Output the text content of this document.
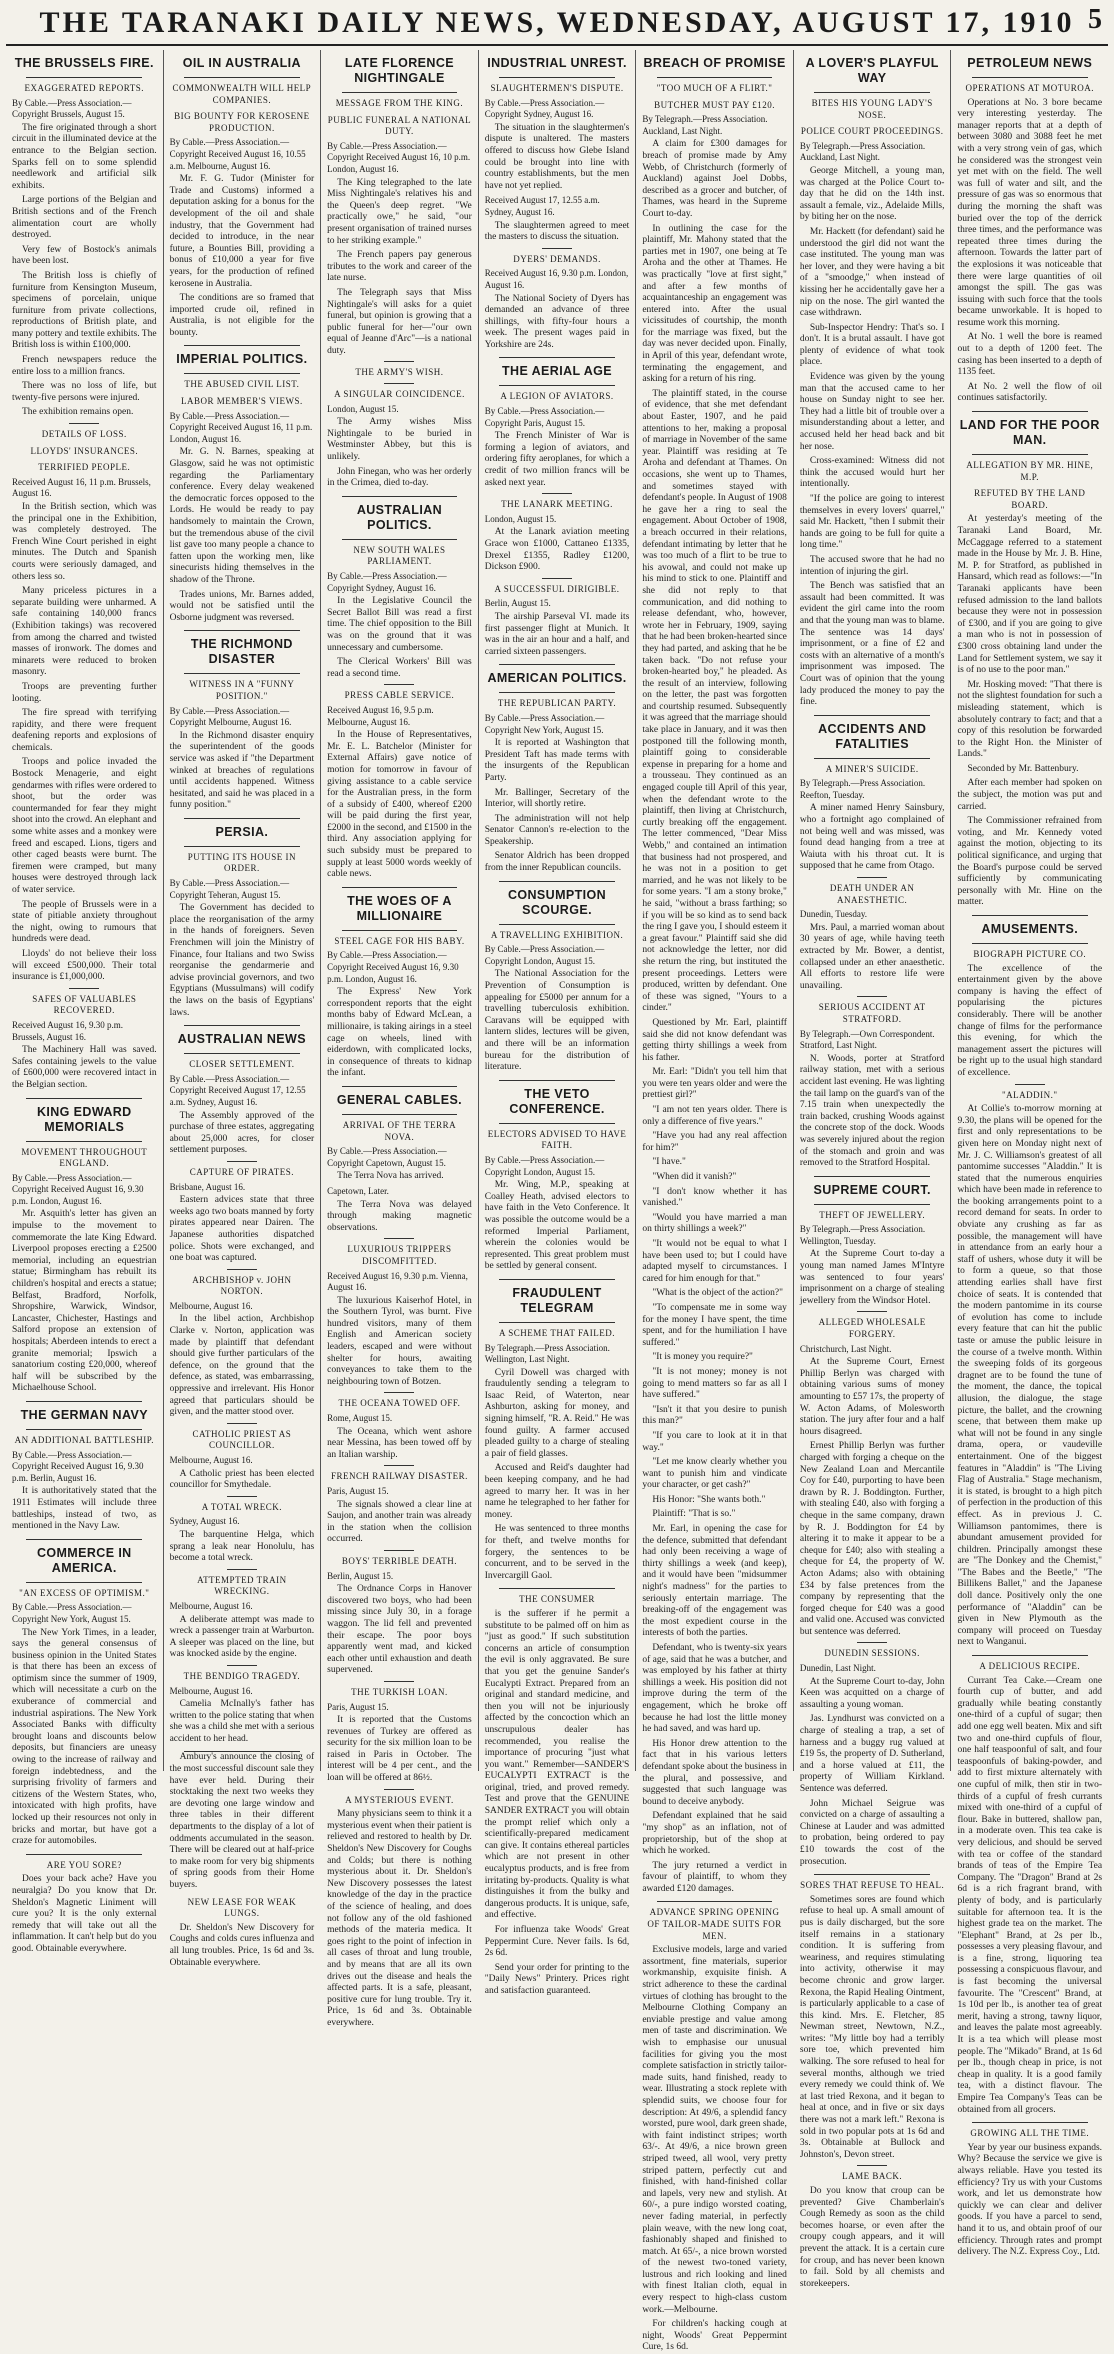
THE TARANAKI DAILY NEWS, WEDNESDAY, AUGUST 17, 1910 5
THE BRUSSELS FIRE.
EXAGGERATED REPORTS.
By Cable.—Press Association.—Copyright Brussels, August 15.

The fire originated through a short circuit in the illuminated device at the entrance to the Belgian section. Sparks fell on to some splendid needlework and artificial silk exhibits.

Large portions of the Belgian and British sections and of the French alimentation court are wholly destroyed.

Very few of Bostock's animals have been lost.

The British loss is chiefly of furniture from Kensington Museum, specimens of porcelain, unique furniture from private collections, reproductions of British plate, and many pottery and textile exhibits. The British loss is within £100,000.

French newspapers reduce the entire loss to a million francs.

There was no loss of life, but twenty-five persons were injured.

The exhibition remains open.

DETAILS OF LOSS.
LLOYDS' INSURANCES.
TERRIFIED PEOPLE.
Received August 16, 11 p.m. Brussels, August 16.

In the British section, which was the principal one in the Exhibition, was completely destroyed. The French Wine Court perished in eight minutes. The Dutch and Spanish courts were seriously damaged, and others less so.

Many priceless pictures in a separate building were unharmed. A safe containing 140,000 francs (Exhibition takings) was recovered from among the charred and twisted masses of ironwork. The domes and minarets were reduced to broken masonry.

Troops are preventing further looting.

The fire spread with terrifying rapidity, and there were frequent deafening reports and explosions of chemicals.

Troops and police invaded the Bostock Menagerie, and eight gendarmes with rifles were ordered to shoot, but the order was countermanded for fear they might shoot into the crowd. An elephant and some white asses and a monkey were freed and escaped. Lions, tigers and other caged beasts were burnt. The firemen were cramped, but many houses were destroyed through lack of water service.

The people of Brussels were in a state of pitiable anxiety throughout the night, owing to rumours that hundreds were dead.

Lloyds' do not believe their loss will exceed £500,000. Their total insurance is £1,000,000.

SAFES OF VALUABLES RECOVERED.
Received August 16, 9.30 p.m. Brussels, August 16.

The Machinery Hall was saved. Safes containing jewels to the value of £600,000 were recovered intact in the Belgian section.

KING EDWARD MEMORIALS
MOVEMENT THROUGHOUT ENGLAND.
By Cable.—Press Association.—Copyright Received August 16, 9.30 p.m. London, August 16.

Mr. Asquith's letter has given an impulse to the movement to commemorate the late King Edward. Liverpool proposes erecting a £2500 memorial, including an equestrian statue; Birmingham has rebuilt its children's hospital and erects a statue; Belfast, Bradford, Norfolk, Shropshire, Warwick, Windsor, Lancaster, Chichester, Hastings and Salford propose an extension of hospitals; Aberdeen intends to erect a granite memorial; Ipswich a sanatorium costing £20,000, whereof half will be subscribed by the Michaelhouse School.

THE GERMAN NAVY
AN ADDITIONAL BATTLESHIP.
By Cable.—Press Association.—Copyright Received August 16, 9.30 p.m. Berlin, August 16.

It is authoritatively stated that the 1911 Estimates will include three battleships, instead of two, as mentioned in the Navy Law.

COMMERCE IN AMERICA.
"AN EXCESS OF OPTIMISM."
By Cable.—Press Association.—Copyright New York, August 15.

The New York Times, in a leader, says the general consensus of business opinion in the United States is that there has been an excess of optimism since the summer of 1909, which will necessitate a curb on the exuberance of commercial and industrial aspirations. The New York Associated Banks with difficulty brought loans and discounts below deposits, but financiers are uneasy owing to the increase of railway and foreign indebtedness, and the surprising frivolity of farmers and citizens of the Western States, who, intoxicated with high profits, have locked up their resources not only in bricks and mortar, but have got a craze for automobiles.

ARE YOU SORE?

Does your back ache? Have you neuralgia? Do you know that Dr. Sheldon's Magnetic Liniment will cure you? It is the only external remedy that will take out all the inflammation. It can't help but do you good. Obtainable everywhere.

OIL IN AUSTRALIA
COMMONWEALTH WILL HELP COMPANIES.
BIG BOUNTY FOR KEROSENE PRODUCTION.
By Cable.—Press Association.—Copyright Received August 16, 10.55 a.m. Melbourne, August 16.

Mr. F. G. Tudor (Minister for Trade and Customs) informed a deputation asking for a bonus for the development of the oil and shale industry, that the Government had decided to introduce, in the near future, a Bounties Bill, providing a bonus of £10,000 a year for five years, for the production of refined kerosene in Australia.

The conditions are so framed that imported crude oil, refined in Australia, is not eligible for the bounty.

IMPERIAL POLITICS.
THE ABUSED CIVIL LIST.
LABOR MEMBER'S VIEWS.
By Cable.—Press Association.—Copyright Received August 16, 11 p.m. London, August 16.

Mr. G. N. Barnes, speaking at Glasgow, said he was not optimistic regarding the Parliamentary conference. Every delay weakened the democratic forces opposed to the Lords. He would be ready to pay handsomely to maintain the Crown, but the tremendous abuse of the civil list gave too many people a chance to fatten upon the working men, like sinecurists hiding themselves in the shadow of the Throne.

Trades unions, Mr. Barnes added, would not be satisfied until the Osborne judgment was reversed.

THE RICHMOND DISASTER
WITNESS IN A "FUNNY POSITION."
By Cable.—Press Association.—Copyright Melbourne, August 16.

In the Richmond disaster enquiry the superintendent of the goods service was asked if "the Department winked at breaches of regulations until accidents happened. Witness hesitated, and said he was placed in a funny position."

PERSIA.
PUTTING ITS HOUSE IN ORDER.
By Cable.—Press Association.—Copyright Teheran, August 15.

The Government has decided to place the reorganisation of the army in the hands of foreigners. Seven Frenchmen will join the Ministry of Finance, four Italians and two Swiss reorganise the gendarmerie and advise provincial governors, and two Egyptians (Mussulmans) will codify the laws on the basis of Egyptians' laws.

AUSTRALIAN NEWS
CLOSER SETTLEMENT.
By Cable.—Press Association.—Copyright Received August 17, 12.55 a.m. Sydney, August 16.

The Assembly approved of the purchase of three estates, aggregating about 25,000 acres, for closer settlement purposes.

CAPTURE OF PIRATES.
Brisbane, August 16.

Eastern advices state that three weeks ago two boats manned by forty pirates appeared near Dairen. The Japanese authorities dispatched police. Shots were exchanged, and one boat was captured.

ARCHBISHOP v. JOHN NORTON.
Melbourne, August 16.

In the libel action, Archbishop Clarke v. Norton, application was made by plaintiff that defendant should give further particulars of the defence, on the ground that the defence, as stated, was embarrassing, oppressive and irrelevant. His Honor agreed that particulars should be given, and the matter stood over.

CATHOLIC PRIEST AS COUNCILLOR.
Melbourne, August 16.

A Catholic priest has been elected councillor for Smythedale.

A TOTAL WRECK.
Sydney, August 16.

The barquentine Helga, which sprang a leak near Honolulu, has become a total wreck.

ATTEMPTED TRAIN WRECKING.
Melbourne, August 16.

A deliberate attempt was made to wreck a passenger train at Warburton. A sleeper was placed on the line, but was knocked aside by the engine.

THE BENDIGO TRAGEDY.
Melbourne, August 16.

Camelia McInally's father has written to the police stating that when she was a child she met with a serious accident to her head.

Ambury's announce the closing of the most successful discount sale they have ever held. During their stocktaking the next two weeks they are devoting one large window and three tables in their different departments to the display of a lot of oddments accumulated in the season. There will be cleared out at half-price to make room for very big shipments of spring goods from their Home buyers.

NEW LEASE FOR WEAK LUNGS.

Dr. Sheldon's New Discovery for Coughs and colds cures influenza and all lung troubles. Price, 1s 6d and 3s. Obtainable everywhere.

LATE FLORENCE NIGHTINGALE
MESSAGE FROM THE KING.
PUBLIC FUNERAL A NATIONAL DUTY.
By Cable.—Press Association.—Copyright Received August 16, 10 p.m. London, August 16.

The King telegraphed to the late Miss Nightingale's relatives his and the Queen's deep regret. "We practically owe," he said, "our present organisation of trained nurses to her striking example."

The French papers pay generous tributes to the work and career of the late nurse.

The Telegraph says that Miss Nightingale's will asks for a quiet funeral, but opinion is growing that a public funeral for her—"our own equal of Jeanne d'Arc"—is a national duty.

THE ARMY'S WISH.
A SINGULAR COINCIDENCE.
London, August 15.

The Army wishes Miss Nightingale to be buried in Westminster Abbey, but this is unlikely.

John Finegan, who was her orderly in the Crimea, died to-day.

AUSTRALIAN POLITICS.
NEW SOUTH WALES PARLIAMENT.
By Cable.—Press Association.—Copyright Sydney, August 16.

In the Legislative Council the Secret Ballot Bill was read a first time. The chief opposition to the Bill was on the ground that it was unnecessary and cumbersome.

The Clerical Workers' Bill was read a second time.

PRESS CABLE SERVICE.
Received August 16, 9.5 p.m. Melbourne, August 16.

In the House of Representatives, Mr. E. L. Batchelor (Minister for External Affairs) gave notice of motion for tomorrow in favour of giving assistance to a cable service for the Australian press, in the form of a subsidy of £400, whereof £200 will be paid during the first year, £2000 in the second, and £1500 in the third. Any association applying for such subsidy must be prepared to supply at least 5000 words weekly of cable news.

THE WOES OF A MILLIONAIRE
STEEL CAGE FOR HIS BABY.
By Cable.—Press Association.—Copyright Received August 16, 9.30 p.m. London, August 16.

The Express' New York correspondent reports that the eight months baby of Edward McLean, a millionaire, is taking airings in a steel cage on wheels, lined with eiderdown, with complicated locks, in consequence of threats to kidnap the infant.

GENERAL CABLES.
ARRIVAL OF THE TERRA NOVA.
By Cable.—Press Association.—Copyright Capetown, August 15.

The Terra Nova has arrived.

Capetown, Later.

The Terra Nova was delayed through making magnetic observations.

LUXURIOUS TRIPPERS DISCOMFITTED.
Received August 16, 9.30 p.m. Vienna, August 16.

The luxurious Kaiserhof Hotel, in the Southern Tyrol, was burnt. Five hundred visitors, many of them English and American society leaders, escaped and were without shelter for hours, awaiting conveyances to take them to the neighbouring town of Botzen.

THE OCEANA TOWED OFF.
Rome, August 15.

The Oceana, which went ashore near Messina, has been towed off by an Italian warship.

FRENCH RAILWAY DISASTER.
Paris, August 15.

The signals showed a clear line at Saujon, and another train was already in the station when the collision occurred.

BOYS' TERRIBLE DEATH.
Berlin, August 15.

The Ordnance Corps in Hanover discovered two boys, who had been missing since July 30, in a forage waggon. The lid fell and prevented their escape. The poor boys apparently went mad, and kicked each other until exhaustion and death supervened.

THE TURKISH LOAN.
Paris, August 15.

It is reported that the Customs revenues of Turkey are offered as security for the six million loan to be raised in Paris in October. The interest will be 4 per cent., and the loan will be offered at 86½.

A MYSTERIOUS EVENT.

Many physicians seem to think it a mysterious event when their patient is relieved and restored to health by Dr. Sheldon's New Discovery for Coughs and Colds; but there is nothing mysterious about it. Dr. Sheldon's New Discovery possesses the latest knowledge of the day in the practice of the science of healing, and does not follow any of the old fashioned methods of the materia medica. It goes right to the point of infection in all cases of throat and lung trouble, and by means that are all its own drives out the disease and heals the affected parts. It is a safe, pleasant, positive cure for lung trouble. Try it. Price, 1s 6d and 3s. Obtainable everywhere.

INDUSTRIAL UNREST.
SLAUGHTERMEN'S DISPUTE.
By Cable.—Press Association.—Copyright Sydney, August 16.

The situation in the slaughtermen's dispute is unaltered. The masters offered to discuss how Glebe Island could be brought into line with country establishments, but the men have not yet replied.

Received August 17, 12.55 a.m. Sydney, August 16.

The slaughtermen agreed to meet the masters to discuss the situation.

DYERS' DEMANDS.
Received August 16, 9.30 p.m. London, August 16.

The National Society of Dyers has demanded an advance of three shillings, with fifty-four hours a week. The present wages paid in Yorkshire are 24s.

THE AERIAL AGE
A LEGION OF AVIATORS.
By Cable.—Press Association.—Copyright Paris, August 15.

The French Minister of War is forming a legion of aviators, and ordering fifty aeroplanes, for which a credit of two million francs will be asked next year.

THE LANARK MEETING.
London, August 15.

At the Lanark aviation meeting Grace won £1000, Cattaneo £1335, Drexel £1355, Radley £1200, Dickson £900.

A SUCCESSFUL DIRIGIBLE.
Berlin, August 15.

The airship Parseval VI. made its first passenger flight at Munich. It was in the air an hour and a half, and carried sixteen passengers.

AMERICAN POLITICS.
THE REPUBLICAN PARTY.
By Cable.—Press Association.—Copyright New York, August 15.

It is reported at Washington that President Taft has made terms with the insurgents of the Republican Party.

Mr. Ballinger, Secretary of the Interior, will shortly retire.

The administration will not help Senator Cannon's re-election to the Speakership.

Senator Aldrich has been dropped from the inner Republican councils.

CONSUMPTION SCOURGE.
A TRAVELLING EXHIBITION.
By Cable.—Press Association.—Copyright London, August 15.

The National Association for the Prevention of Consumption is appealing for £5000 per annum for a travelling tuberculosis exhibition. Caravans will be equipped with lantern slides, lectures will be given, and there will be an information bureau for the distribution of literature.

THE VETO CONFERENCE.
ELECTORS ADVISED TO HAVE FAITH.
By Cable.—Press Association.—Copyright London, August 15.

Mr. Wing, M.P., speaking at Coalley Heath, advised electors to have faith in the Veto Conference. It was possible the outcome would be a reformed Imperial Parliament, wherein the colonies would be represented. This great problem must be settled by general consent.

FRAUDULENT TELEGRAM
A SCHEME THAT FAILED.
By Telegraph.—Press Association. Wellington, Last Night.

Cyril Dowell was charged with fraudulently sending a telegram to Isaac Reid, of Waterton, near Ashburton, asking for money, and signing himself, "R. A. Reid." He was found guilty. A farmer accused pleaded guilty to a charge of stealing a pair of field glasses.

Accused and Reid's daughter had been keeping company, and he had agreed to marry her. It was in her name he telegraphed to her father for money.

He was sentenced to three months for theft, and twelve months for forgery, the sentences to be concurrent, and to be served in the Invercargill Gaol.

THE CONSUMER

is the sufferer if he permit a substitute to be palmed off on him as "just as good." If such substitution concerns an article of consumption the evil is only aggravated. Be sure that you get the genuine Sander's Eucalypti Extract. Prepared from an original and standard medicine, and then you will not be injuriously affected by the concoction which an unscrupulous dealer has recommended, you realise the importance of procuring "just what you want." Remember—SANDER'S EUCALYPTI EXTRACT is the original, tried, and proved remedy. Test and prove that the GENUINE SANDER EXTRACT you will obtain the prompt relief which only a scientifically-prepared medicament can give. It contains ethereal particles which are not present in other eucalyptus products, and is free from irritating by-products. Quality is what distinguishes it from the bulky and dangerous products. It is unique, safe, and effective.

For influenza take Woods' Great Peppermint Cure. Never fails. Is 6d, 2s 6d.

Send your order for printing to the "Daily News" Printery. Prices right and satisfaction guaranteed.

BREACH OF PROMISE
"TOO MUCH OF A FLIRT."
BUTCHER MUST PAY £120.
By Telegraph.—Press Association. Auckland, Last Night.

A claim for £300 damages for breach of promise made by Amy Webb, of Christchurch (formerly of Auckland) against Joel Dobbs, described as a grocer and butcher, of Thames, was heard in the Supreme Court to-day.

In outlining the case for the plaintiff, Mr. Mahony stated that the parties met in 1907, one being at Te Aroha and the other at Thames. He was practically "love at first sight," and after a few months of acquaintanceship an engagement was entered into. After the usual vicissitudes of courtship, the month for the marriage was fixed, but the day was never decided upon. Finally, in April of this year, defendant wrote, terminating the engagement, and asking for a return of his ring.

The plaintiff stated, in the course of evidence, that she met defendant about Easter, 1907, and he paid attentions to her, making a proposal of marriage in November of the same year. Plaintiff was residing at Te Aroha and defendant at Thames. On occasions, she went up to Thames, and sometimes stayed with defendant's people. In August of 1908 he gave her a ring to seal the engagement. About October of 1908, a breach occurred in their relations, defendant intimating by letter that he was too much of a flirt to be true to his avowal, and could not make up his mind to stick to one. Plaintiff and she did not reply to that communication, and did nothing to release defendant, who, however, wrote her in February, 1909, saying that he had been broken-hearted since they had parted, and asking that he be taken back. "Do not refuse your broken-hearted boy," he pleaded. As the result of an interview, following on the letter, the past was forgotten and courtship resumed. Subsequently it was agreed that the marriage should take place in January, and it was then postponed till the following month, plaintiff going to considerable expense in preparing for a home and a trousseau. They continued as an engaged couple till April of this year, when the defendant wrote to the plaintiff, then living at Christchurch, curtly breaking off the engagement. The letter commenced, "Dear Miss Webb," and contained an intimation that business had not prospered, and he was not in a position to get married, and he was not likely to be for some years. "I am a stony broke," he said, "without a brass farthing; so if you will be so kind as to send back the ring I gave you, I should esteem it a great favour." Plaintiff said she did not acknowledge the letter, nor did she return the ring, but instituted the present proceedings. Letters were produced, written by defendant. One of these was signed, "Yours to a cinder."

Questioned by Mr. Earl, plaintiff said she did not know defendant was getting thirty shillings a week from his father.

Mr. Earl: "Didn't you tell him that you were ten years older and were the prettiest girl?"

"I am not ten years older. There is only a difference of five years."

"Have you had any real affection for him?"

"I have."

"When did it vanish?"

"I don't know whether it has vanished."

"Would you have married a man on thirty shillings a week?"

"It would not be equal to what I have been used to; but I could have adapted myself to circumstances. I cared for him enough for that."

"What is the object of the action?"

"To compensate me in some way for the money I have spent, the time spent, and for the humiliation I have suffered."

"It is money you require?"

"It is not money; money is not going to mend matters so far as all I have suffered."

"Isn't it that you desire to punish this man?"

"If you care to look at it in that way."

"Let me know clearly whether you want to punish him and vindicate your character, or get cash?"

His Honor: "She wants both."

Plaintiff: "That is so."

Mr. Earl, in opening the case for the defence, submitted that defendant had only been receiving a wage of thirty shillings a week (and keep), and it would have been "midsummer night's madness" for the parties to seriously entertain marriage. The breaking-off of the engagement was the most expedient course in the interests of both the parties.

Defendant, who is twenty-six years of age, said that he was a butcher, and was employed by his father at thirty shillings a week. His position did not improve during the term of the engagement, which he broke off because he had lost the little money he had saved, and was hard up.

His Honor drew attention to the fact that in his various letters defendant spoke about the business in the plural, and possessive, and suggested that such language was bound to deceive anybody.

Defendant explained that he said "my shop" as an inflation, not of proprietorship, but of the shop at which he worked.

The jury returned a verdict in favour of plaintiff, to whom they awarded £120 damages.

ADVANCE SPRING OPENING OF TAILOR-MADE SUITS FOR MEN.

Exclusive models, large and varied assortment, fine materials, superior workmanship, exquisite finish. A strict adherence to these the cardinal virtues of clothing has brought to the Melbourne Clothing Company an enviable prestige and value among men of taste and discrimination. We wish to emphasise our unusual facilities for giving you the most complete satisfaction in strictly tailor-made suits, hand finished, ready to wear. Illustrating a stock replete with splendid suits, we choose four for description: At 49/6, a splendid fancy worsted, pure wool, dark green shade, with faint indistinct stripes; worth 63/-. At 49/6, a nice brown green striped tweed, all wool, very pretty striped pattern, perfectly cut and finished, with hand-finished collar and lapels, very new and stylish. At 60/-, a pure indigo worsted coating, never fading material, in perfectly plain weave, with the new long coat, fashionably shaped and finished to match. At 65/-, a nice brown worsted of the newest two-toned variety, lustrous and rich looking and lined with finest Italian cloth, equal in every respect to high-class custom work.—Melbourne.

For children's hacking cough at night, Woods' Great Peppermint Cure, 1s 6d.

A LOVER'S PLAYFUL WAY
BITES HIS YOUNG LADY'S NOSE.
POLICE COURT PROCEEDINGS.
By Telegraph.—Press Association. Auckland, Last Night.

George Mitchell, a young man, was charged at the Police Court to-day that he did on the 14th inst. assault a female, viz., Adelaide Mills, by biting her on the nose.

Mr. Hackett (for defendant) said he understood the girl did not want the case instituted. The young man was her lover, and they were having a bit of a "smoodge," when instead of kissing her he accidentally gave her a nip on the nose. The girl wanted the case withdrawn.

Sub-Inspector Hendry: That's so. I don't. It is a brutal assault. I have got plenty of evidence of what took place.

Evidence was given by the young man that the accused came to her house on Sunday night to see her. They had a little bit of trouble over a misunderstanding about a letter, and accused held her head back and bit her nose.

Cross-examined: Witness did not think the accused would hurt her intentionally.

"If the police are going to interest themselves in every lovers' quarrel," said Mr. Hackett, "then I submit their hands are going to be full for quite a long time."

The accused swore that he had no intention of injuring the girl.

The Bench was satisfied that an assault had been committed. It was evident the girl came into the room and that the young man was to blame. The sentence was 14 days' imprisonment, or a fine of £2 and costs with an alternative of a month's imprisonment was imposed. The Court was of opinion that the young lady produced the money to pay the fine.

ACCIDENTS AND FATALITIES
A MINER'S SUICIDE.
By Telegraph.—Press Association. Reefton, Tuesday.

A miner named Henry Sainsbury, who a fortnight ago complained of not being well and was missed, was found dead hanging from a tree at Waiuta with his throat cut. It is supposed that he came from Otago.

DEATH UNDER AN ANAESTHETIC.
Dunedin, Tuesday.

Mrs. Paul, a married woman about 30 years of age, while having teeth extracted by Mr. Bower, a dentist, collapsed under an ether anaesthetic. All efforts to restore life were unavailing.

SERIOUS ACCIDENT AT STRATFORD.
By Telegraph.—Own Correspondent. Stratford, Last Night.

N. Woods, porter at Stratford railway station, met with a serious accident last evening. He was lighting the tail lamp on the guard's van of the 7.15 train when unexpectedly the train backed, crushing Woods against the concrete stop of the dock. Woods was severely injured about the region of the stomach and groin and was removed to the Stratford Hospital.

SUPREME COURT.
THEFT OF JEWELLERY.
By Telegraph.—Press Association. Wellington, Tuesday.

At the Supreme Court to-day a young man named James M'Intyre was sentenced to four years' imprisonment on a charge of stealing jewellery from the Windsor Hotel.

ALLEGED WHOLESALE FORGERY.
Christchurch, Last Night.

At the Supreme Court, Ernest Phillip Berlyn was charged with obtaining various sums of money amounting to £57 17s, the property of W. Acton Adams, of Molesworth station. The jury after four and a half hours disagreed.

Ernest Phillip Berlyn was further charged with forging a cheque on the New Zealand Loan and Mercantile Coy for £40, purporting to have been drawn by R. J. Boddington. Further, with stealing £40, also with forging a cheque in the same company, drawn by R. J. Boddington for £4 by altering it to make it appear to be a cheque for £40; also with stealing a cheque for £4, the property of W. Acton Adams; also with obtaining £34 by false pretences from the company by representing that the forged cheque for £40 was a good and valid one. Accused was convicted but sentence was deferred.

DUNEDIN SESSIONS.
Dunedin, Last Night.

At the Supreme Court to-day, John Keen was acquitted on a charge of assaulting a young woman.

Jas. Lyndhurst was convicted on a charge of stealing a trap, a set of harness and a buggy rug valued at £19 5s, the property of D. Sutherland, and a horse valued at £11, the property of William Kirkland. Sentence was deferred.

John Michael Seigrue was convicted on a charge of assaulting a Chinese at Lauder and was admitted to probation, being ordered to pay £10 towards the cost of the prosecution.

SORES THAT REFUSE TO HEAL.

Sometimes sores are found which refuse to heal up. A small amount of pus is daily discharged, but the sore itself remains in a stationary condition. It is suffering from weariness, and requires stimulating into activity, otherwise it may become chronic and grow larger. Rexona, the Rapid Healing Ointment, is particularly applicable to a case of this kind. Mrs. E. Fletcher, 85 Newman street, Newtown, N.Z., writes: "My little boy had a terribly sore toe, which prevented him walking. The sore refused to heal for several months, although we tried every remedy we could think of. We at last tried Rexona, and it began to heal at once, and in five or six days there was not a mark left." Rexona is sold in two popular pots at 1s 6d and 3s. Obtainable at Bullock and Johnston's, Devon street.

LAME BACK.

Do you know that croup can be prevented? Give Chamberlain's Cough Remedy as soon as the child becomes hoarse, or even after the croupy cough appears, and it will prevent the attack. It is a certain cure for croup, and has never been known to fail. Sold by all chemists and storekeepers.

PETROLEUM NEWS
OPERATIONS AT MOTUROA.

Operations at No. 3 bore became very interesting yesterday. The manager reports that at a depth of between 3080 and 3088 feet he met with a very strong vein of gas, which he considered was the strongest vein yet met with on the field. The well was full of water and silt, and the pressure of gas was so enormous that during the morning the shaft was buried over the top of the derrick three times, and the performance was repeated three times during the afternoon. Towards the latter part of the explosions it was noticeable that there were large quantities of oil amongst the spill. The gas was issuing with such force that the tools became unworkable. It is hoped to resume work this morning.

At No. 1 well the bore is reamed out to a depth of 1200 feet. The casing has been inserted to a depth of 1135 feet.

At No. 2 well the flow of oil continues satisfactorily.

LAND FOR THE POOR MAN.
ALLEGATION BY MR. HINE, M.P.
REFUTED BY THE LAND BOARD.

At yesterday's meeting of the Taranaki Land Board, Mr. McCaggage referred to a statement made in the House by Mr. J. B. Hine, M. P. for Stratford, as published in Hansard, which read as follows:—"In Taranaki applicants have been refused admission to the land ballots because they were not in possession of £300, and if you are going to give a man who is not in possession of £300 cross obtaining land under the Land for Settlement system, we say it is of no use to the poor man."

Mr. Hosking moved: "That there is not the slightest foundation for such a misleading statement, which is absolutely contrary to fact; and that a copy of this resolution be forwarded to the Right Hon. the Minister of Lands."

Seconded by Mr. Battenbury.

After each member had spoken on the subject, the motion was put and carried.

The Commissioner refrained from voting, and Mr. Kennedy voted against the motion, objecting to its political significance, and urging that the Board's purpose could be served sufficiently by communicating personally with Mr. Hine on the matter.

AMUSEMENTS.
BIOGRAPH PICTURE CO.

The excellence of the entertainment given by the above company is having the effect of popularising the pictures considerably. There will be another change of films for the performance this evening, for which the management assert the pictures will be right up to the usual high standard of excellence.

"ALADDIN."

At Collie's to-morrow morning at 9.30, the plans will be opened for the first and only representations to be given here on Monday night next of Mr. J. C. Williamson's greatest of all pantomime successes "Aladdin." It is stated that the numerous enquiries which have been made in reference to the booking arrangements point to a record demand for seats. In order to obviate any crushing as far as possible, the management will have in attendance from an early hour a staff of ushers, whose duty it will be to form a queue, so that those attending earlies shall have first choice of seats. It is contended that the modern pantomime in its course of evolution has come to include every feature that can hit the public taste or amuse the public leisure in the course of a twelve month. Within the sweeping folds of its gorgeous dragnet are to be found the tune of the moment, the dance, the topical allusion, the dialogue, the stage picture, the ballet, and the crowning scene, that between them make up what will not be found in any single drama, opera, or vaudeville entertainment. One of the biggest features in "Aladdin" is "The Living Flag of Australia." Stage mechanism, it is stated, is brought to a high pitch of perfection in the production of this effect. As in previous J. C. Williamson pantomimes, there is abundant amusement provided for children. Principally amongst these are "The Donkey and the Chemist," "The Babes and the Beetle," "The Billikens Ballet," and the Japanese doll dance. Positively only the one performance of "Aladdin" can be given in New Plymouth as the company will proceed on Tuesday next to Wanganui.

A DELICIOUS RECIPE.

Currant Tea Cake.—Cream one fourth cup of butter, and add gradually while beating constantly one-third of a cupful of sugar; then add one egg well beaten. Mix and sift two and one-third cupfuls of flour, one half teaspoonful of salt, and four teaspoonfuls of baking-powder, and add to first mixture alternately with one cupful of milk, then stir in two-thirds of a cupful of fresh currants mixed with one-third of a cupful of flour. Bake in buttered, shallow pan, in a moderate oven. This tea cake is very delicious, and should be served with tea or coffee of the standard brands of teas of the Empire Tea Company. The "Dragon" Brand at 2s 6d is a rich fragrant brand, with plenty of body, and is particularly suitable for afternoon tea. It is the highest grade tea on the market. The "Elephant" Brand, at 2s per lb., possesses a very pleasing flavour, and is a fine, strong, liquoring tea possessing a conspicuous flavour, and is fast becoming the universal favourite. The "Crescent" Brand, at 1s 10d per lb., is another tea of great merit, having a strong, tawny liquor, and leaves the palate most agreeably. It is a tea which will please most people. The "Mikado" Brand, at 1s 6d per lb., though cheap in price, is not cheap in quality. It is a good family tea, with a distinct flavour. The Empire Tea Company's Teas can be obtained from all grocers.

GROWING ALL THE TIME.

Year by year our business expands. Why? Because the service we give is always reliable. Have you tested its efficiency? Try us with your Customs work, and let us demonstrate how quickly we can clear and deliver goods. If you have a parcel to send, hand it to us, and obtain proof of our efficiency. Through rates and prompt delivery. The N.Z. Express Coy., Ltd.
